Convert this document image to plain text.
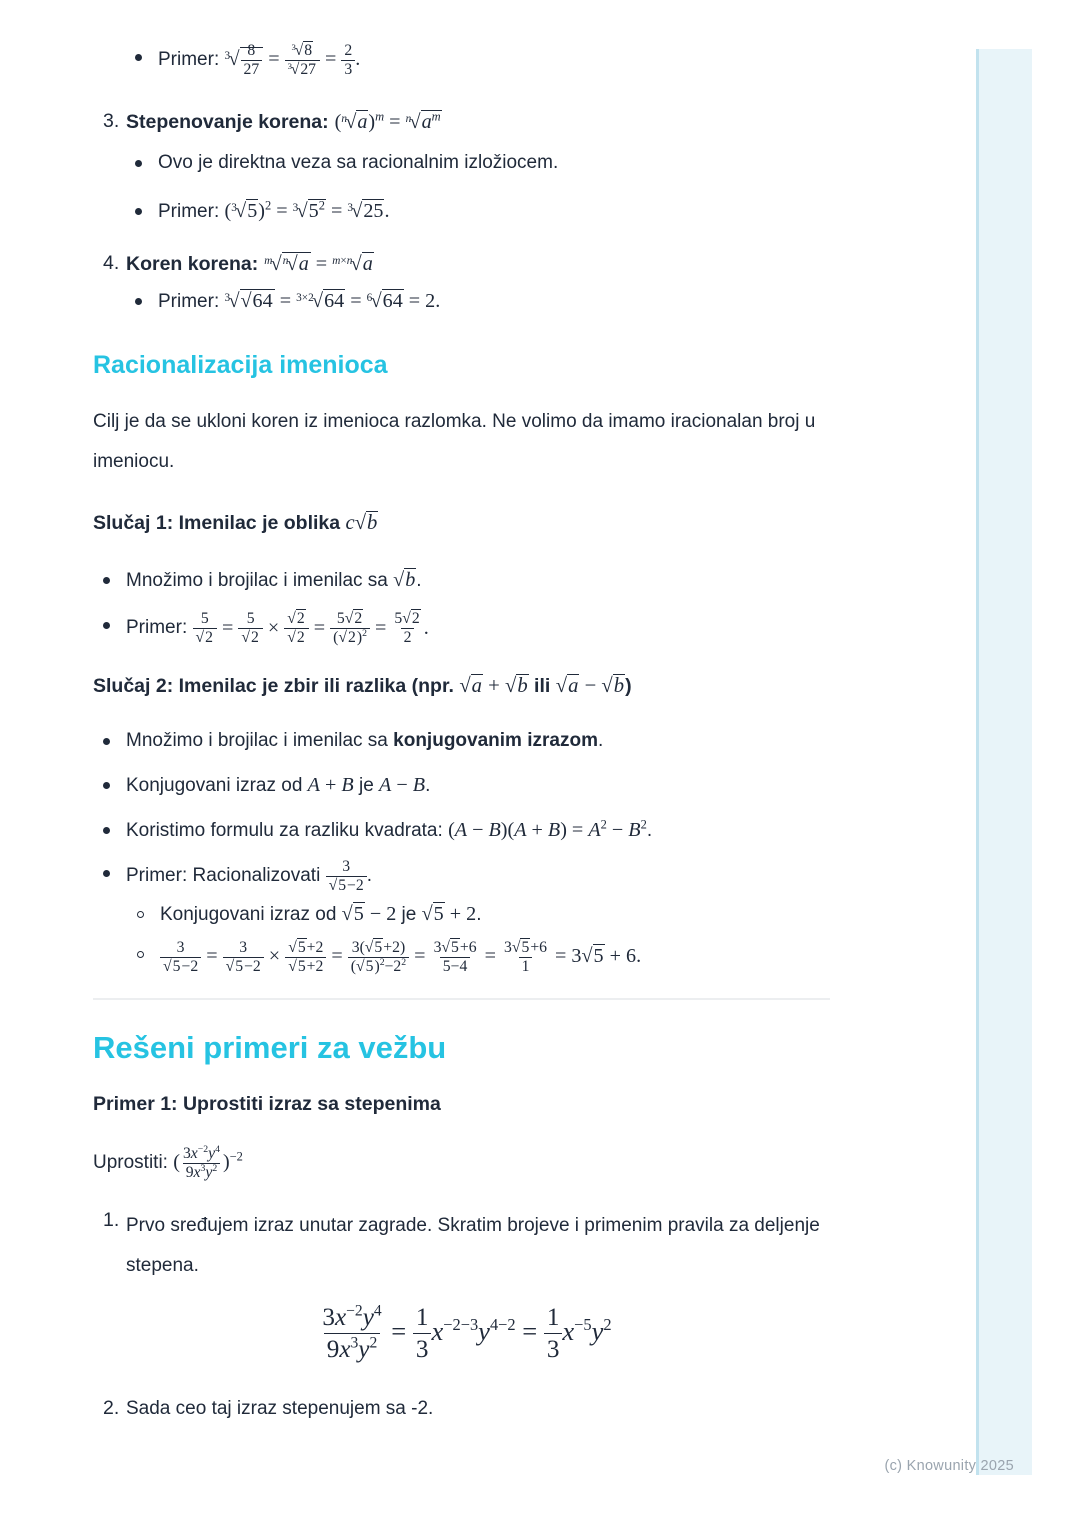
Primer: $^3√ \frac{8}{27} = \frac{^3√8}{^3√27} = \frac{2}{3}$ .
3. Stepenovanje korena: $(^n√a)^m = ^n√a^m$
Ovo je direktna veza sa racionalnim izložiocem.
Primer: $(^3√5)^2 = ^3√5^2 = ^3√25$.
4. Koren korena: $^m$√$^n$√a = $^{m\times n}$√a
Primer: $^3$√√64 = $^{3\times 2}$√64 = $^6$√64 = 2.
Racionalizacija imenioca

Cilj je da se ukloni koren iz imenioca razlomka. Ne volimo da imamo iracionalan broj u imeniocu.

Slučaj 1: Imenilac je oblika c√b
Množimo i brojilac i imenilac sa √b.
Primer: $\frac{5}{√2} = \frac{5}{√2} \times \frac{√2}{√2} = \frac{5√2}{(√2)^2} = \frac{5√2}{2}$ .
Slučaj 2: Imenilac je zbir ili razlika (npr. √a + √b ili √a − √b)
Množimo i brojilac i imenilac sa konjugovanim izrazom.
Konjugovani izraz od A + B je A − B.
Koristimo formulu za razliku kvadrata: $(A - B)(A + B) = A^2 - B^2$.
Primer: Racionalizovati $\frac{3}{√5-2}$ .
Konjugovani izraz od √5 − 2 je √5 + 2.
$\frac{3}{√5-2} = \frac{3}{√5-2} \times \frac{√5+2}{√5+2} = \frac{3(√5+2)}{(√5)^2-2^2} = \frac{3√5+6}{5-4} = \frac{3√5+6}{1} = 3√5 + 6$.
Rešeni primeri za vežbu
Primer 1: Uprostiti izraz sa stepenima
Uprostiti: ( $\frac{3x^{-2}y^4}{9x^3y^2} )^{-2}$
1. Prvo sređujem izraz unutar zagrade. Skratim brojeve i primenim pravila za deljenje stepena.
$\frac{3x^{-2}y^4}{9x^3y^2} = \frac{1}{3} x^{-2-3}y^{4-2} = \frac{1}{3} x^{-5}y^2$
2. Sada ceo taj izraz stepenujem sa -2.
(c) Knowunity 2025
